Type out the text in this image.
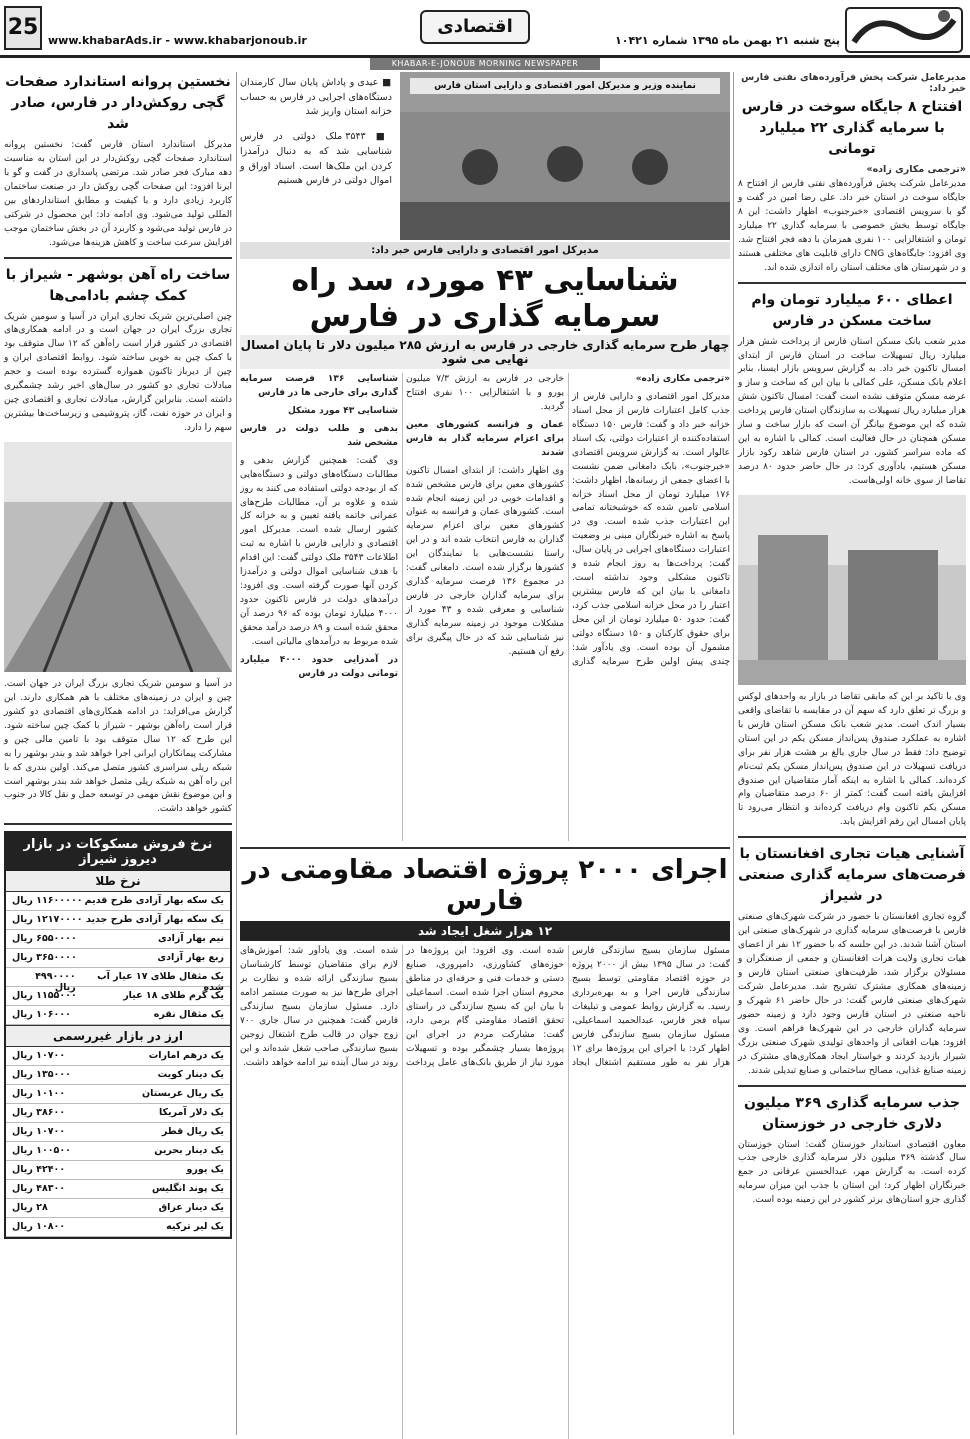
پنج شنبه ۲۱ بهمن ماه ۱۳۹۵ شماره ۱۰۴۲۱
اقتصادی
www.khabarAds.ir - www.khabarjonoub.ir
25
KHABAR-E-JONOUB MORNING NEWSPAPER
مدیرعامل شرکت پخش فرآورده‌های نفتی فارس خبر داد:
افتتاح ۸ جایگاه سوخت در فارس با سرمایه گذاری ۲۲ میلیارد تومانی
«ترجمی مکاری زاده»
مدیرعامل شرکت پخش فرآورده‌های نفتی فارس از افتتاح ۸ جایگاه سوخت در استان خبر داد. علی رضا امین در گفت و گو با سرویس اقتصادی «خبرجنوب» اظهار داشت: این ۸ جایگاه توسط بخش خصوصی با سرمایه گذاری ۲۲ میلیارد تومان و اشتغالزایی ۱۰۰ نفری همزمان با دهه فجر افتتاح شد. وی افزود: جایگاه‌های CNG دارای قابلیت های مختلفی هستند و در شهرستان های مختلف استان راه اندازی شده اند.
اعطای ۶۰۰ میلیارد تومان وام ساخت مسکن در فارس
مدیر شعب بانک مسکن استان فارس از پرداخت شش هزار میلیارد ریال تسهیلات ساخت در استان فارس از ابتدای امسال تاکنون خبر داد. به گزارش سرویس بازار ایسنا، بنابر اعلام بانک مسکن، علی کمالی با بیان این که ساخت و ساز و عرضه مسکن متوقف نشده است گفت: امسال تاکنون شش هزار میلیارد ریال تسهیلات به سازندگان استان فارس پرداخت شده که این موضوع بیانگر آن است که بازار ساخت و ساز مسکن همچنان در حال فعالیت است. کمالی با اشاره به این که ماده سراسر کشور، در استان فارس شاهد رکود بازار مسکن هستیم، یادآوری کرد: در حال حاضر حدود ۸۰ درصد تقاضا از سوی خانه اولی‌هاست.
وی با تاکید بر این که مابقی تقاضا در بازار به واحدهای لوکس و بزرگ تر تعلق دارد که سهم آن در مقایسه با تقاضای واقعی بسیار اندک است. مدیر شعب بانک مسکن استان فارس با اشاره به عملکرد صندوق پس‌انداز مسکن یکم در این استان توضیح داد: فقط در سال جاری بالغ بر هشت هزار نفر برای دریافت تسهیلات در این صندوق پس‌انداز مسکن یکم ثبت‌نام کرده‌اند. کمالی با اشاره به اینکه آمار متقاضیان این صندوق افزایش یافته است گفت: کمتر از ۶۰ درصد متقاضیان وام مسکن یکم تاکنون وام دریافت کرده‌اند و انتظار می‌رود تا پایان امسال این رقم افزایش یابد.
آشنایی هیات تجاری افغانستان با فرصت‌های سرمایه گذاری صنعتی در شیراز
گروه تجاری افغانستان با حضور در شرکت شهرک‌های صنعتی فارس با فرصت‌های سرمایه گذاری در شهرک‌های صنعتی این استان آشنا شدند. در این جلسه که با حضور ۱۲ نفر از اعضای هیات تجاری ولایت هرات افغانستان و جمعی از صنعتگران و مسئولان برگزار شد، ظرفیت‌های صنعتی استان فارس و زمینه‌های همکاری مشترک تشریح شد. مدیرعامل شرکت شهرک‌های صنعتی فارس گفت: در حال حاضر ۶۱ شهرک و ناحیه صنعتی در استان فارس وجود دارد و زمینه حضور سرمایه گذاران خارجی در این شهرک‌ها فراهم است. وی افزود: هیات افغانی از واحدهای تولیدی شهرک صنعتی بزرگ شیراز بازدید کردند و خواستار ایجاد همکاری‌های مشترک در زمینه صنایع غذایی، مصالح ساختمانی و صنایع تبدیلی شدند.
جذب سرمایه گذاری ۳۶۹ میلیون دلاری خارجی در خوزستان
معاون اقتصادی استاندار خوزستان گفت: استان خوزستان سال گذشته ۳۶۹ میلیون دلار سرمایه گذاری خارجی جذب کرده است. به گزارش مهر، عبدالحسین عرفانی در جمع خبرنگاران اظهار کرد: این استان با جذب این میزان سرمایه گذاری جزو استان‌های برتر کشور در این زمینه بوده است.
نماینده وزیر و مدیرکل امور اقتصادی و دارایی استان فارس
■ عیدی و پاداش پایان سال کارمندان دستگاه‌های اجرایی در فارس به حساب خزانه استان واریز شد
■ ۳۵۴۳ ملک دولتی در فارس شناسایی شد که به دنبال درآمدزا کردن این ملک‌ها است. اسناد اوراق و اموال دولتی در فارس هستیم
مدیرکل امور اقتصادی و دارایی فارس خبر داد:
شناسایی ۴۳ مورد، سد راه سرمایه گذاری در فارس
چهار طرح سرمایه گذاری خارجی در فارس به ارزش ۲۸۵ میلیون دلار تا پایان امسال نهایی می شود

«ترجمی مکاری زاده»

مدیرکل امور اقتصادی و دارایی فارس از جذب کامل اعتبارات فارس از محل اسناد خزانه خبر داد و گفت: فارس ۱۵۰ دستگاه استفاده‌کننده از اعتبارات دولتی، یک اسناد عالوار است. به گزارش سرویس اقتصادی «خبرجنوب»، بابک دامغانی ضمن نشست با اعضای جمعی از رسانه‌ها، اظهار داشت: ۱۷۶ میلیارد تومان از محل اسناد خزانه اسلامی تامین شده که خوشبختانه تمامی این اعتبارات جذب شده است. وی در پاسخ به اشاره خبرنگاران مبنی بر وضعیت اعتبارات دستگاه‌های اجرایی در پایان سال، گفت: پرداخت‌ها به روز انجام شده و تاکنون مشکلی وجود نداشته است. دامغانی با بیان این که فارس بیشترین اعتبار را در محل خزانه اسلامی جذب کرد، گفت: حدود ۵۰ میلیارد تومان از این محل برای حقوق کارکنان و ۱۵۰ دستگاه دولتی مشمول آن بوده است. وی یادآور شد: چندی پیش اولین طرح سرمایه گذاری خارجی در فارس به ارزش ۷/۳ میلیون یورو و با اشتغالزایی ۱۰۰ نفری افتتاح گردید.

عمان و فرانسه کشورهای معین برای اعزام سرمایه گذار به فارس شدند

وی اظهار داشت: از ابتدای امسال تاکنون کشورهای معین برای فارس مشخص شده و اقدامات خوبی در این زمینه انجام شده است. کشورهای عمان و فرانسه به عنوان کشورهای معین برای اعزام سرمایه گذاران به فارس انتخاب شده اند و در این راستا نشست‌هایی با نمایندگان این کشورها برگزار شده است. دامغانی گفت: در مجموع ۱۳۶ فرصت سرمایه گذاری برای سرمایه گذاران خارجی در فارس شناسایی و معرفی شده و ۴۳ مورد از مشکلات موجود در زمینه سرمایه گذاری نیز شناسایی شد که در حال پیگیری برای رفع آن هستیم.

شناسایی ۱۳۶ فرصت سرمایه گذاری برای خارجی ها در فارس

شناسایی ۴۳ مورد مشکل

بدهی و طلب دولت در فارس مشخص شد

وی گفت: همچنین گزارش بدهی و مطالبات دستگاه‌های دولتی و دستگاه‌هایی که از بودجه دولتی استفاده می کنند به روز شده و علاوه بر آن، مطالبات طرح‌های عمرانی خاتمه یافته تعیین و به خزانه کل کشور ارسال شده است. مدیرکل امور اقتصادی و دارایی فارس با اشاره به ثبت اطلاعات ۳۵۴۳ ملک دولتی گفت: این اقدام با هدف شناسایی اموال دولتی و درآمدزا کردن آنها صورت گرفته است. وی افزود: درآمدهای دولت در فارس تاکنون حدود ۴۰۰۰ میلیارد تومان بوده که ۹۶ درصد آن محقق شده است و ۸۹ درصد درآمد محقق شده مربوط به درآمدهای مالیاتی است.

در آمدزایی حدود ۴۰۰۰ میلیارد تومانی دولت در فارس

اجرای ۲۰۰۰ پروژه اقتصاد مقاومتی در فارس
۱۲ هزار شغل ایجاد شد

مسئول سازمان بسیج سازندگی فارس گفت: در سال ۱۳۹۵ بیش از ۲۰۰۰ پروژه در حوزه اقتصاد مقاومتی توسط بسیج سازندگی فارس اجرا و به بهره‌برداری رسید. به گزارش روابط عمومی و تبلیغات سپاه فجر فارس، عبدالحمید اسماعیلی، مسئول سازمان بسیج سازندگی فارس اظهار کرد: با اجرای این پروژه‌ها برای ۱۲ هزار نفر به طور مستقیم اشتغال ایجاد شده است. وی افزود: این پروژه‌ها در حوزه‌های کشاورزی، دامپروری، صنایع دستی و خدمات فنی و حرفه‌ای در مناطق محروم استان اجرا شده است. اسماعیلی با بیان این که بسیج سازندگی در راستای تحقق اقتصاد مقاومتی گام برمی دارد، گفت: مشارکت مردم در اجرای این پروژه‌ها بسیار چشمگیر بوده و تسهیلات مورد نیاز از طریق بانک‌های عامل پرداخت شده است. وی یادآور شد: آموزش‌های لازم برای متقاضیان توسط کارشناسان بسیج سازندگی ارائه شده و نظارت بر اجرای طرح‌ها نیز به صورت مستمر ادامه دارد. مسئول سازمان بسیج سازندگی فارس گفت: همچنین در سال جاری ۷۰۰ زوج جوان در قالب طرح اشتغال زوجین بسیج سازندگی صاحب شغل شده‌اند و این روند در سال آینده نیز ادامه خواهد داشت.

نخستین پروانه استاندارد صفحات گچی روکش‌دار در فارس، صادر شد
مدیرکل استاندارد استان فارس گفت: نخستین پروانه استاندارد صفحات گچی روکش‌دار در این استان به مناسبت دهه مبارک فجر صادر شد. مرتضی پاسداری در گفت و گو با ایرنا افزود: این صفحات گچی روکش دار در صنعت ساختمان کاربرد زیادی دارد و با کیفیت و مطابق استانداردهای بین المللی تولید می‌شود. وی ادامه داد: این محصول در شرکتی در فارس تولید می‌شود و کاربرد آن در بخش ساختمان موجب افزایش سرعت ساخت و کاهش هزینه‌ها می‌شود.
ساخت راه آهن بوشهر - شیراز با کمک چشم بادامی‌ها
چین اصلی‌ترین شریک تجاری ایران در آسیا و سومین شریک تجاری بزرگ ایران در جهان است و در ادامه همکاری‌های اقتصادی در کشور قرار است راه‌آهن که ۱۲ سال متوقف بود با کمک چین به خوبی ساخته شود. روابط اقتصادی ایران و چین از دیرباز تاکنون همواره گسترده بوده است و حجم مبادلات تجاری دو کشور در سال‌های اخیر رشد چشمگیری داشته است. بنابراین گزارش، مبادلات تجاری و اقتصادی چین و ایران در حوزه نفت، گاز، پتروشیمی و زیرساخت‌ها بیشترین سهم را دارد.
در آسیا و سومین شریک تجاری بزرگ ایران در جهان است. چین و ایران در زمینه‌های مختلف با هم همکاری دارند. این گزارش می‌افزاید: در ادامه همکاری‌های اقتصادی دو کشور قرار است راه‌آهن بوشهر - شیراز با کمک چین ساخته شود. این طرح که ۱۲ سال متوقف بود با تامین مالی چین و مشارکت پیمانکاران ایرانی اجرا خواهد شد و بندر بوشهر را به شبکه ریلی سراسری کشور متصل می‌کند. اولین بندری که با این راه آهن به شبکه ریلی متصل خواهد شد بندر بوشهر است و این موضوع نقش مهمی در توسعه حمل و نقل کالا در جنوب کشور خواهد داشت.
نرخ فروش مسکوکات در بازار دیروز شیراز
نرخ طلا
یک سکه بهار آزادی طرح قدیم
۱۱۶۰۰۰۰۰ ریال
یک سکه بهار آزادی طرح جدید
۱۲۱۷۰۰۰۰ ریال
نیم بهار آزادی
۶۵۵۰۰۰۰ ریال
ربع بهار آزادی
۳۶۵۰۰۰۰ ریال
یک مثقال طلای ۱۷ عیار آب شده
۴۹۹۰۰۰۰ ریال
یک گرم طلای ۱۸ عیار
۱۱۵۵۰۰۰ ریال
یک مثقال نقره
۱۰۶۰۰۰ ریال
ارز در بازار غیررسمی
یک درهم امارات
۱۰۷۰۰ ریال
یک دینار کویت
۱۳۵۰۰۰ ریال
یک ریال عربستان
۱۰۱۰۰ ریال
یک دلار آمریکا
۳۸۶۰۰ ریال
یک ریال قطر
۱۰۷۰۰ ریال
یک دینار بحرین
۱۰۰۵۰۰ ریال
یک یورو
۴۲۴۰۰ ریال
یک پوند انگلیس
۴۸۳۰۰ ریال
یک دینار عراق
۲۸ ریال
یک لیر ترکیه
۱۰۸۰۰ ریال
